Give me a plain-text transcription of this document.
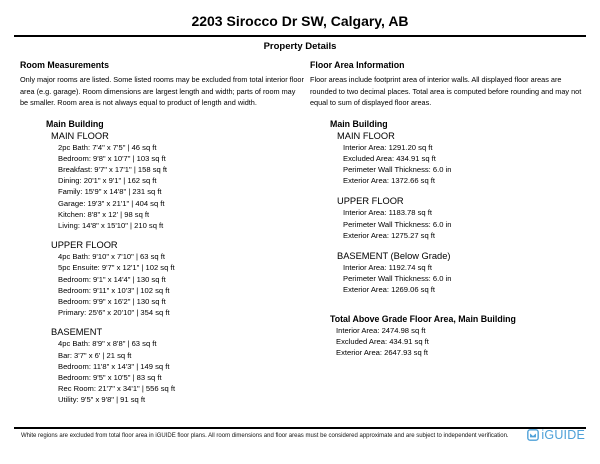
2203 Sirocco Dr SW, Calgary, AB
Property Details
Room Measurements
Only major rooms are listed. Some listed rooms may be excluded from total interior floor area (e.g. garage). Room dimensions are largest length and width; parts of room may be smaller. Room area is not always equal to product of length and width.
Main Building
MAIN FLOOR
2pc Bath: 7'4" x 7'5" | 46 sq ft
Bedroom: 9'8" x 10'7" | 103 sq ft
Breakfast: 9'7" x 17'1" | 158 sq ft
Dining: 20'1" x 9'1" | 162 sq ft
Family: 15'9" x 14'8" | 231 sq ft
Garage: 19'3" x 21'1" | 404 sq ft
Kitchen: 8'8" x 12' | 98 sq ft
Living: 14'8" x 15'10" | 210 sq ft
UPPER FLOOR
4pc Bath: 9'10" x 7'10" | 63 sq ft
5pc Ensuite: 9'7" x 12'1" | 102 sq ft
Bedroom: 9'1" x 14'4" | 130 sq ft
Bedroom: 9'11" x 10'3" | 102 sq ft
Bedroom: 9'9" x 16'2" | 130 sq ft
Primary: 25'6" x 20'10" | 354 sq ft
BASEMENT
4pc Bath: 8'9" x 8'8" | 63 sq ft
Bar: 3'7" x 6' | 21 sq ft
Bedroom: 11'8" x 14'3" | 149 sq ft
Bedroom: 9'5" x 10'5" | 83 sq ft
Rec Room: 21'7" x 34'1" | 556 sq ft
Utility: 9'5" x 9'8" | 91 sq ft
Floor Area Information
Floor areas include footprint area of interior walls. All displayed floor areas are rounded to two decimal places. Total area is computed before rounding and may not equal to sum of displayed floor areas.
Main Building
MAIN FLOOR
Interior Area: 1291.20 sq ft
Excluded Area: 434.91 sq ft
Perimeter Wall Thickness: 6.0 in
Exterior Area: 1372.66 sq ft
UPPER FLOOR
Interior Area: 1183.78 sq ft
Perimeter Wall Thickness: 6.0 in
Exterior Area: 1275.27 sq ft
BASEMENT (Below Grade)
Interior Area: 1192.74 sq ft
Perimeter Wall Thickness: 6.0 in
Exterior Area: 1269.06 sq ft
Total Above Grade Floor Area, Main Building
Interior Area: 2474.98 sq ft
Excluded Area: 434.91 sq ft
Exterior Area: 2647.93 sq ft
White regions are excluded from total floor area in iGUIDE floor plans. All room dimensions and floor areas must be considered approximate and are subject to independent verification.	iGUIDE
